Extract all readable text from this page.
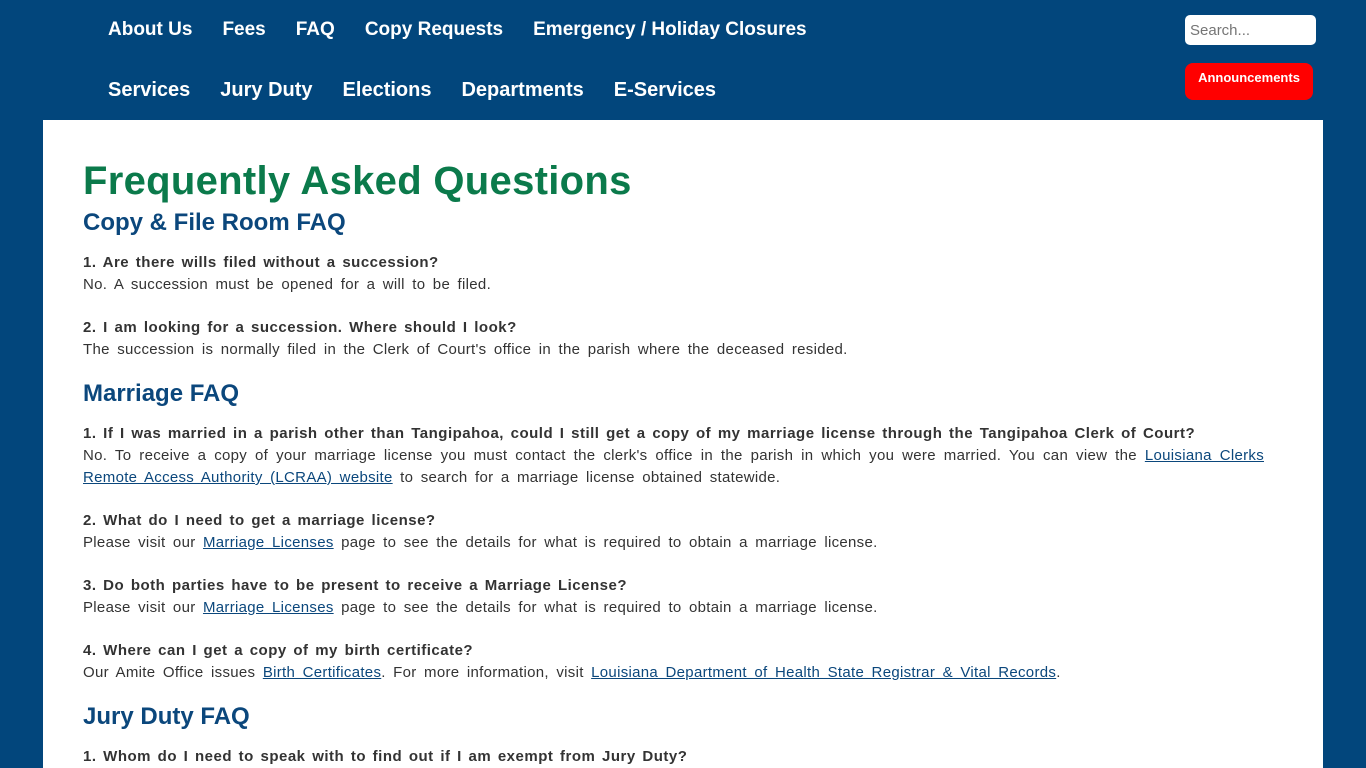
About Us Fees FAQ Copy Requests Emergency / Holiday Closures
Services Jury Duty Elections Departments E-Services
Search...
Announcements
Frequently Asked Questions
Copy & File Room FAQ
1. Are there wills filed without a succession?
No. A succession must be opened for a will to be filed.
2. I am looking for a succession. Where should I look?
The succession is normally filed in the Clerk of Court's office in the parish where the deceased resided.
Marriage FAQ
1. If I was married in a parish other than Tangipahoa, could I still get a copy of my marriage license through the Tangipahoa Clerk of Court?
No. To receive a copy of your marriage license you must contact the clerk's office in the parish in which you were married. You can view the Louisiana Clerks Remote Access Authority (LCRAA) website to search for a marriage license obtained statewide.
2. What do I need to get a marriage license?
Please visit our Marriage Licenses page to see the details for what is required to obtain a marriage license.
3. Do both parties have to be present to receive a Marriage License?
Please visit our Marriage Licenses page to see the details for what is required to obtain a marriage license.
4. Where can I get a copy of my birth certificate?
Our Amite Office issues Birth Certificates. For more information, visit Louisiana Department of Health State Registrar & Vital Records.
Jury Duty FAQ
1. Whom do I need to speak with to find out if I am exempt from Jury Duty?
